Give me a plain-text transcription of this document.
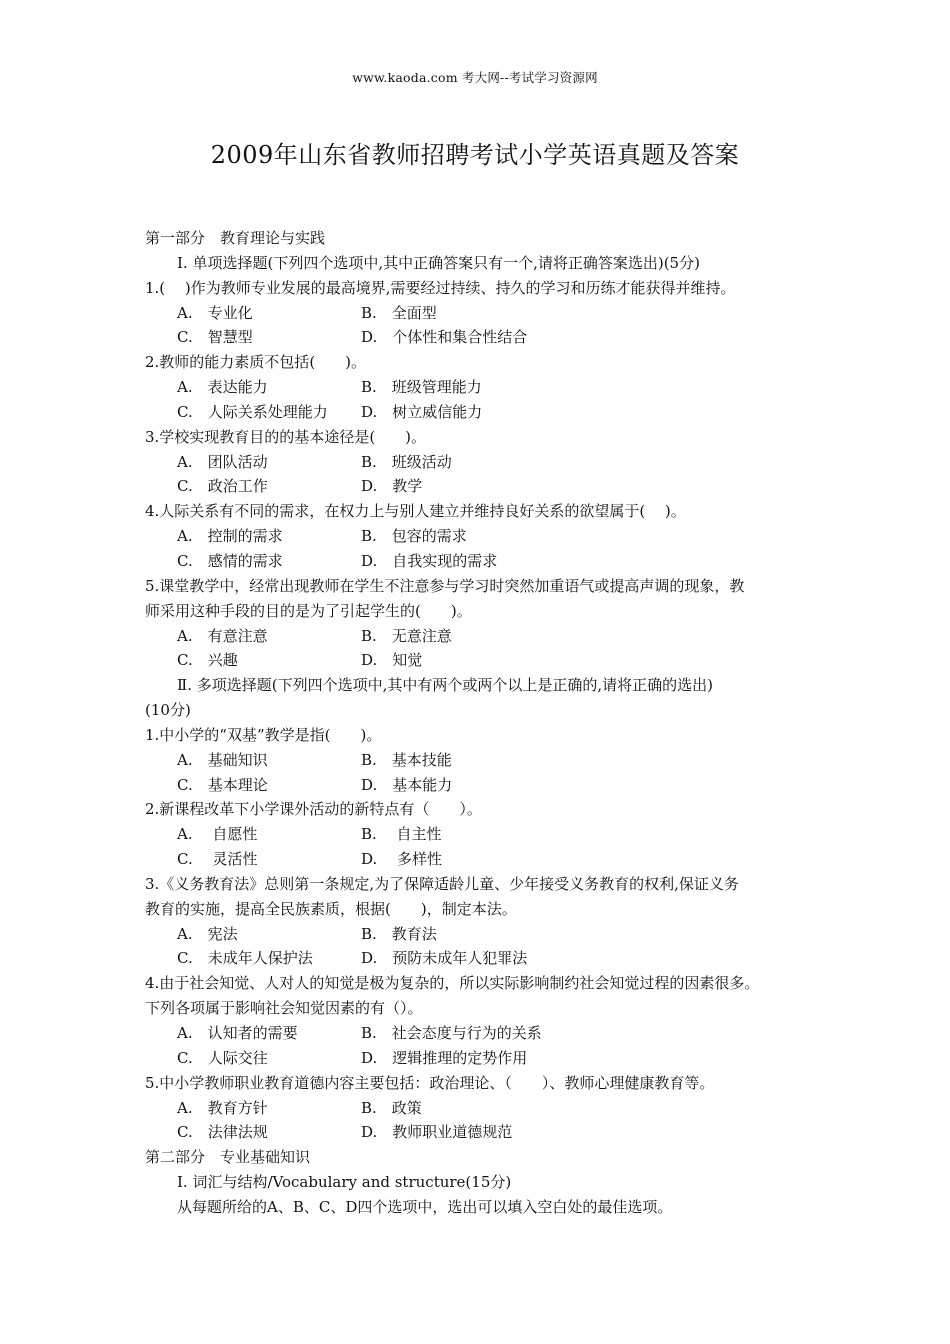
www.kaoda.com 考大网--考试学习资源网
2009年山东省教师招聘考试小学英语真题及答案
第一部分　教育理论与实践
Ⅰ. 单项选择题(下列四个选项中,其中正确答案只有一个,请将正确答案选出)(5分)
1.(　 )作为教师专业发展的最高境界,需要经过持续、持久的学习和历练才能获得并维持。
A.　专业化	B.　全面型
C.　智慧型	D.　个体性和集合性结合
2.教师的能力素质不包括(　　)。
A.　表达能力	B.　班级管理能力
C.　人际关系处理能力 D.　树立威信能力
3.学校实现教育目的的基本途径是(　　)。
A.　团队活动	B.　班级活动
C.　政治工作	D.　教学
4.人际关系有不同的需求，在权力上与别人建立并维持良好关系的欲望属于(　 )。
A.　控制的需求	B.　包容的需求
C.　感情的需求	D.　自我实现的需求
5.课堂教学中，经常出现教师在学生不注意参与学习时突然加重语气或提高声调的现象，教
师采用这种手段的目的是为了引起学生的(　　)。
A.　有意注意	B.　无意注意
C.　兴趣	D.　知觉
Ⅱ. 多项选择题(下列四个选项中,其中有两个或两个以上是正确的,请将正确的选出)
(10分)
1.中小学的“双基”教学是指(　　)。
A.　基础知识	B.　基本技能
C.　基本理论	D.　基本能力
2.新课程改革下小学课外活动的新特点有（　　）。
A.　 自愿性	B.　 自主性
C.　 灵活性	D.　 多样性
3.《义务教育法》总则第一条规定,为了保障适龄儿童、少年接受义务教育的权利,保证义务
教育的实施，提高全民族素质，根据(　　)，制定本法。
A.　宪法	B.　教育法
C.　未成年人保护法	D.　预防未成年人犯罪法
4.由于社会知觉、人对人的知觉是极为复杂的，所以实际影响制约社会知觉过程的因素很多。
下列各项属于影响社会知觉因素的有（）。
A.　认知者的需要	B.　社会态度与行为的关系
C.　人际交往	D.　逻辑推理的定势作用
5.中小学教师职业教育道德内容主要包括：政治理论、（　　）、教师心理健康教育等。
A.　教育方针	B.　政策
C.　法律法规	D.　教师职业道德规范
第二部分　专业基础知识
Ⅰ. 词汇与结构/Vocabulary and structure(15分)
从每题所给的A、B、C、D四个选项中，选出可以填入空白处的最佳选项。
